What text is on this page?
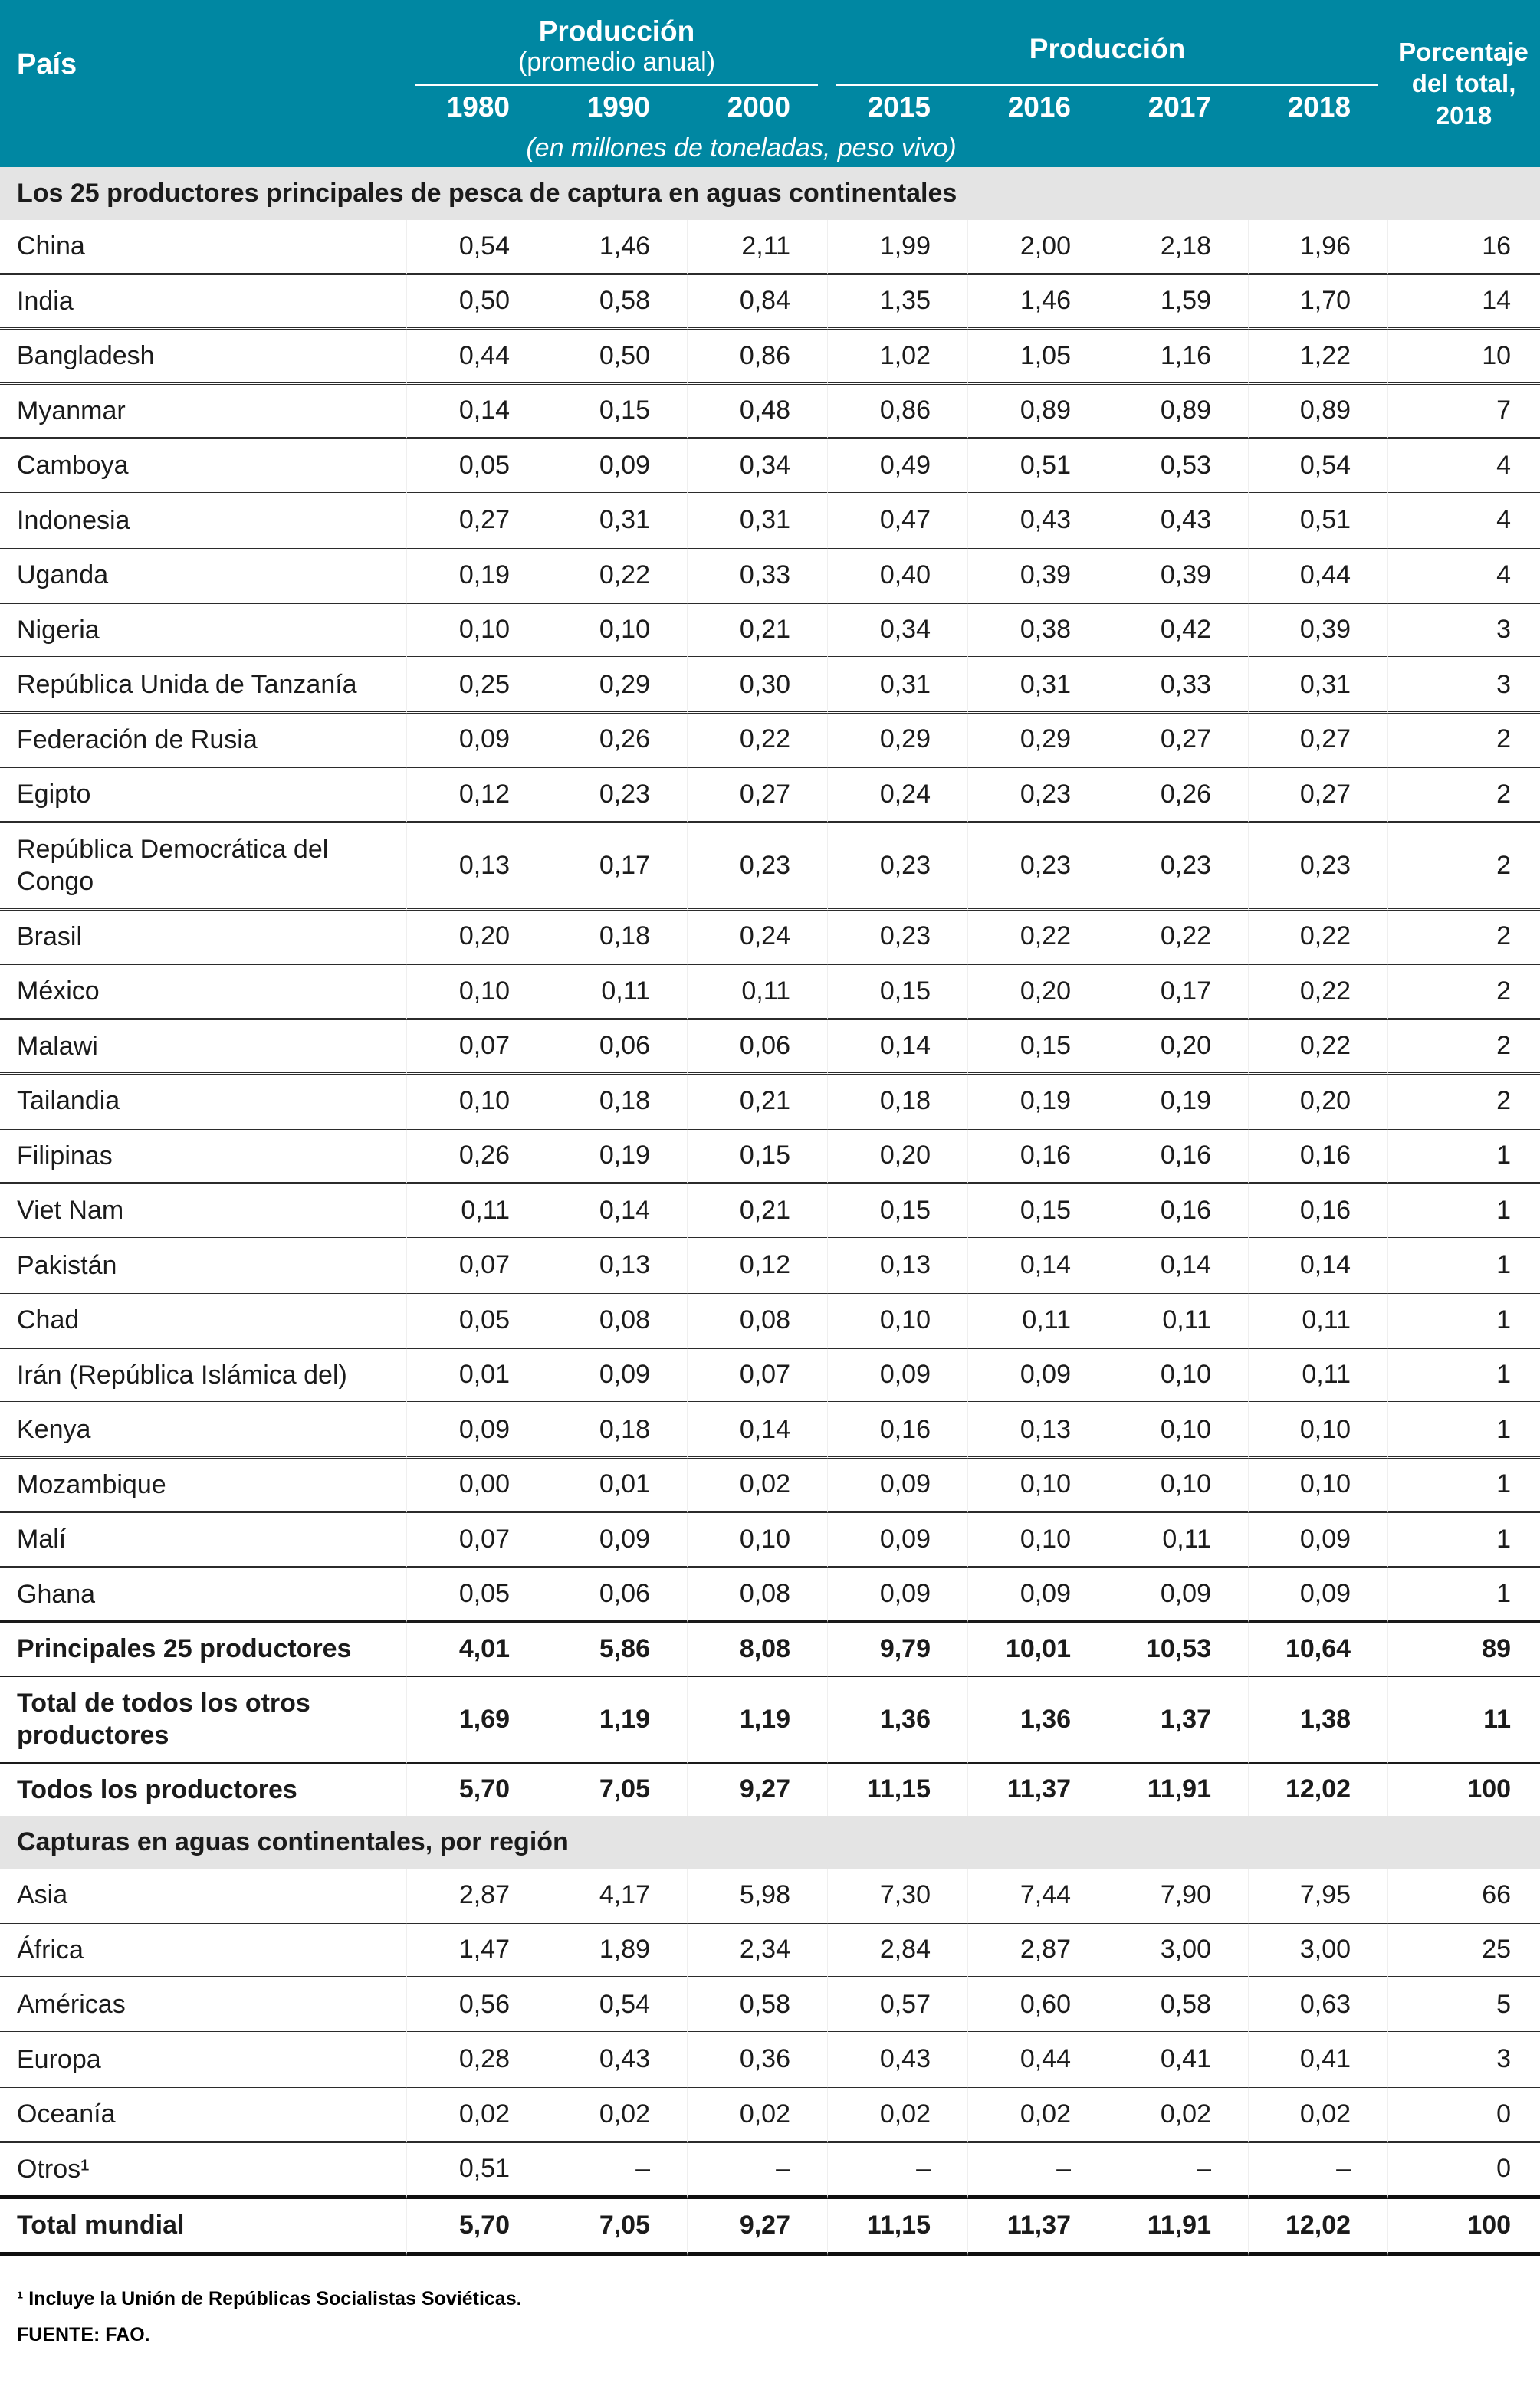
País	Producción
(promedio anual)			Producción				Porcentaje del total, 2018
	1980	1990	2000	2015	2016	2017	2018	
(en millones de toneladas, peso vivo)								
Los 25 productores principales de pesca de captura en aguas continentales								
China	0,54	1,46	2,11	1,99	2,00	2,18	1,96	16
India	0,50	0,58	0,84	1,35	1,46	1,59	1,70	14
Bangladesh	0,44	0,50	0,86	1,02	1,05	1,16	1,22	10
Myanmar	0,14	0,15	0,48	0,86	0,89	0,89	0,89	7
Camboya	0,05	0,09	0,34	0,49	0,51	0,53	0,54	4
Indonesia	0,27	0,31	0,31	0,47	0,43	0,43	0,51	4
Uganda	0,19	0,22	0,33	0,40	0,39	0,39	0,44	4
Nigeria	0,10	0,10	0,21	0,34	0,38	0,42	0,39	3
República Unida de Tanzanía	0,25	0,29	0,30	0,31	0,31	0,33	0,31	3
Federación de Rusia	0,09	0,26	0,22	0,29	0,29	0,27	0,27	2
Egipto	0,12	0,23	0,27	0,24	0,23	0,26	0,27	2
República Democrática del Congo	0,13	0,17	0,23	0,23	0,23	0,23	0,23	2
Brasil	0,20	0,18	0,24	0,23	0,22	0,22	0,22	2
México	0,10	0,11	0,11	0,15	0,20	0,17	0,22	2
Malawi	0,07	0,06	0,06	0,14	0,15	0,20	0,22	2
Tailandia	0,10	0,18	0,21	0,18	0,19	0,19	0,20	2
Filipinas	0,26	0,19	0,15	0,20	0,16	0,16	0,16	1
Viet Nam	0,11	0,14	0,21	0,15	0,15	0,16	0,16	1
Pakistán	0,07	0,13	0,12	0,13	0,14	0,14	0,14	1
Chad	0,05	0,08	0,08	0,10	0,11	0,11	0,11	1
Irán (República Islámica del)	0,01	0,09	0,07	0,09	0,09	0,10	0,11	1
Kenya	0,09	0,18	0,14	0,16	0,13	0,10	0,10	1
Mozambique	0,00	0,01	0,02	0,09	0,10	0,10	0,10	1
Malí	0,07	0,09	0,10	0,09	0,10	0,11	0,09	1
Ghana	0,05	0,06	0,08	0,09	0,09	0,09	0,09	1
Principales 25 productores	4,01	5,86	8,08	9,79	10,01	10,53	10,64	89
Total de todos los otros productores	1,69	1,19	1,19	1,36	1,36	1,37	1,38	11
Todos los productores	5,70	7,05	9,27	11,15	11,37	11,91	12,02	100
Capturas en aguas continentales, por región								
Asia	2,87	4,17	5,98	7,30	7,44	7,90	7,95	66
África	1,47	1,89	2,34	2,84	2,87	3,00	3,00	25
Américas	0,56	0,54	0,58	0,57	0,60	0,58	0,63	5
Europa	0,28	0,43	0,36	0,43	0,44	0,41	0,41	3
Oceanía	0,02	0,02	0,02	0,02	0,02	0,02	0,02	0
Otros¹	0,51	–	–	–	–	–	–	0
Total mundial	5,70	7,05	9,27	11,15	11,37	11,91	12,02	100

¹ Incluye la Unión de Repúblicas Socialistas Soviéticas.

FUENTE: FAO.
